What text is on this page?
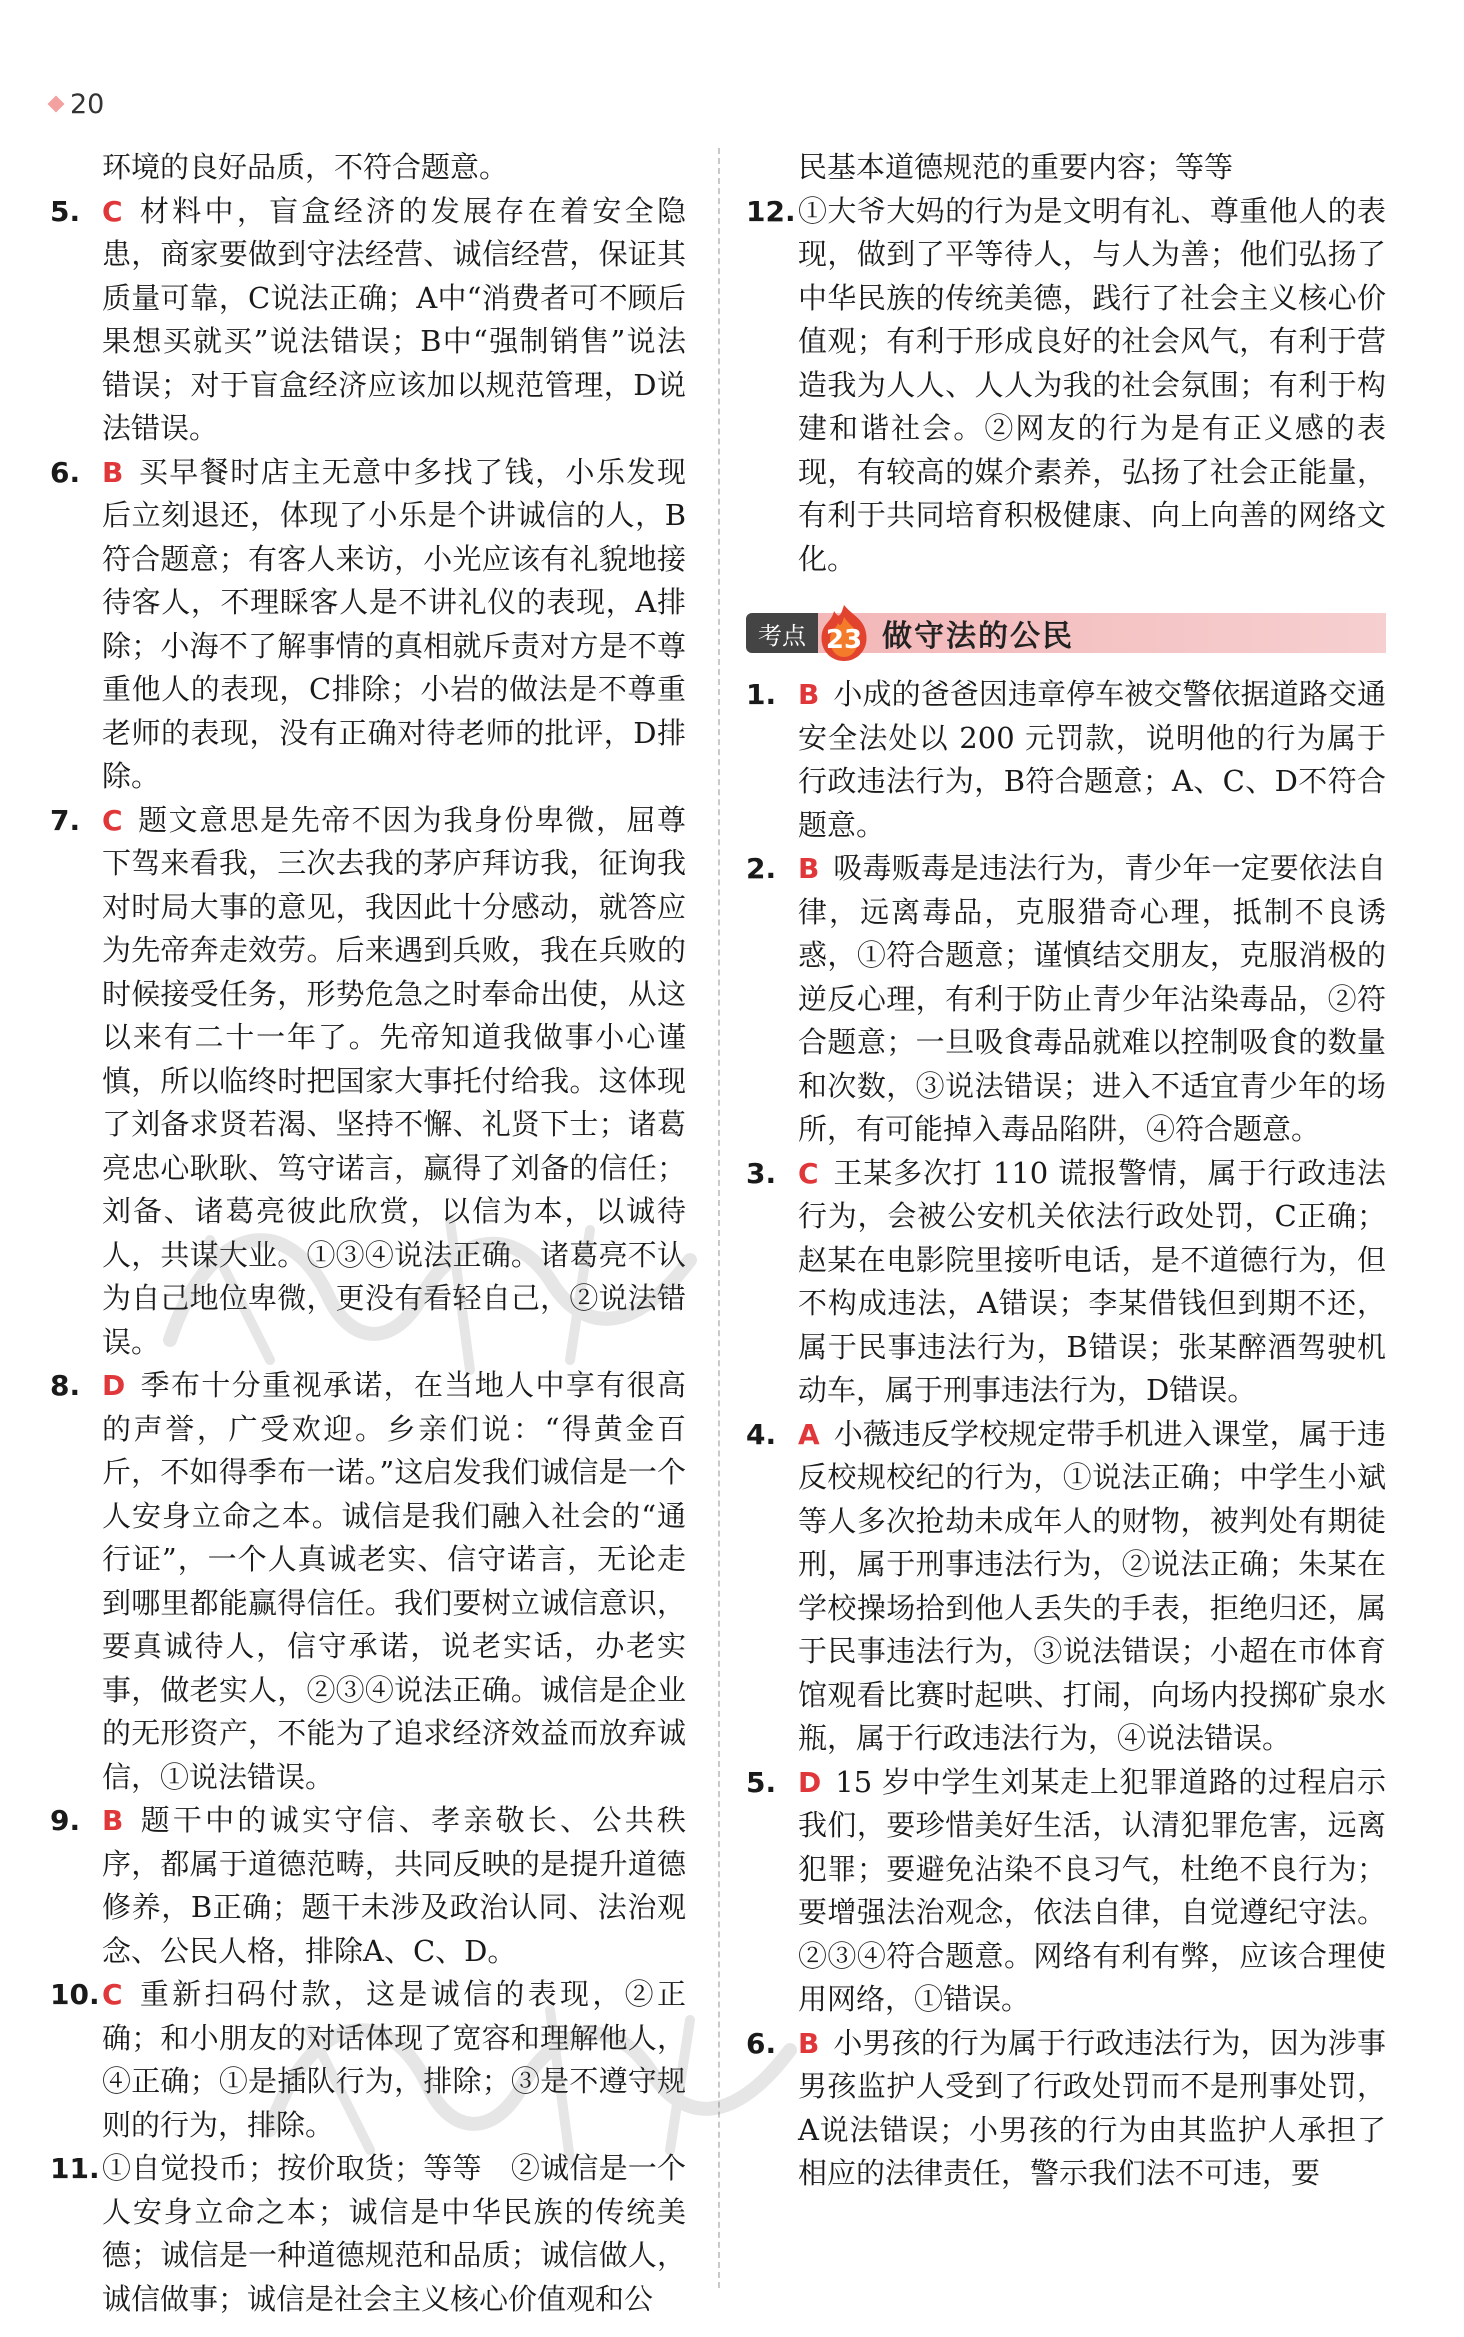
20

环境的良好品质，不符合题意。

5. C 材料中，盲盒经济的发展存在着安全隐患，商家要做到守法经营、诚信经营，保证其质量可靠，C说法正确；A中“消费者可不顾后果想买就买”说法错误；B中“强制销售”说法错误；对于盲盒经济应该加以规范管理，D说法错误。

6. B 买早餐时店主无意中多找了钱，小乐发现后立刻退还，体现了小乐是个讲诚信的人，B符合题意；有客人来访，小光应该有礼貌地接待客人，不理睬客人是不讲礼仪的表现，A排除；小海不了解事情的真相就斥责对方是不尊重他人的表现，C排除；小岩的做法是不尊重老师的表现，没有正确对待老师的批评，D排除。

7. C 题文意思是先帝不因为我身份卑微，屈尊下驾来看我，三次去我的茅庐拜访我，征询我对时局大事的意见，我因此十分感动，就答应为先帝奔走效劳。后来遇到兵败，我在兵败的时候接受任务，形势危急之时奉命出使，从这以来有二十一年了。先帝知道我做事小心谨慎，所以临终时把国家大事托付给我。这体现了刘备求贤若渴、坚持不懈、礼贤下士；诸葛亮忠心耿耿、笃守诺言，赢得了刘备的信任；刘备、诸葛亮彼此欣赏，以信为本，以诚待人，共谋大业。①③④说法正确。诸葛亮不认为自己地位卑微，更没有看轻自己，②说法错误。

8. D 季布十分重视承诺，在当地人中享有很高的声誉，广受欢迎。乡亲们说：“得黄金百斤，不如得季布一诺。”这启发我们诚信是一个人安身立命之本。诚信是我们融入社会的“通行证”，一个人真诚老实、信守诺言，无论走到哪里都能赢得信任。我们要树立诚信意识，要真诚待人，信守承诺，说老实话，办老实事，做老实人，②③④说法正确。诚信是企业的无形资产，不能为了追求经济效益而放弃诚信，①说法错误。

9. B 题干中的诚实守信、孝亲敬长、公共秩序，都属于道德范畴，共同反映的是提升道德修养，B正确；题干未涉及政治认同、法治观念、公民人格，排除A、C、D。

10. C 重新扫码付款，这是诚信的表现，②正确；和小朋友的对话体现了宽容和理解他人，④正确；①是插队行为，排除；③是不遵守规则的行为，排除。

11. ①自觉投币；按价取货；等等　②诚信是一个人安身立命之本；诚信是中华民族的传统美德；诚信是一种道德规范和品质；诚信做人，诚信做事；诚信是社会主义核心价值观和公

民基本道德规范的重要内容；等等

12. ①大爷大妈的行为是文明有礼、尊重他人的表现，做到了平等待人，与人为善；他们弘扬了中华民族的传统美德，践行了社会主义核心价值观；有利于形成良好的社会风气，有利于营造我为人人、人人为我的社会氛围；有利于构建和谐社会。②网友的行为是有正义感的表现，有较高的媒介素养，弘扬了社会正能量，有利于共同培育积极健康、向上向善的网络文化。

考点 23 做守法的公民

1. B 小成的爸爸因违章停车被交警依据道路交通安全法处以 200 元罚款，说明他的行为属于行政违法行为，B符合题意；A、C、D不符合题意。

2. B 吸毒贩毒是违法行为，青少年一定要依法自律，远离毒品，克服猎奇心理，抵制不良诱惑，①符合题意；谨慎结交朋友，克服消极的逆反心理，有利于防止青少年沾染毒品，②符合题意；一旦吸食毒品就难以控制吸食的数量和次数，③说法错误；进入不适宜青少年的场所，有可能掉入毒品陷阱，④符合题意。

3. C 王某多次打 110 谎报警情，属于行政违法行为，会被公安机关依法行政处罚，C正确；赵某在电影院里接听电话，是不道德行为，但不构成违法，A错误；李某借钱但到期不还，属于民事违法行为，B错误；张某醉酒驾驶机动车，属于刑事违法行为，D错误。

4. A 小薇违反学校规定带手机进入课堂，属于违反校规校纪的行为，①说法正确；中学生小斌等人多次抢劫未成年人的财物，被判处有期徒刑，属于刑事违法行为，②说法正确；朱某在学校操场拾到他人丢失的手表，拒绝归还，属于民事违法行为，③说法错误；小超在市体育馆观看比赛时起哄、打闹，向场内投掷矿泉水瓶，属于行政违法行为，④说法错误。

5. D 15 岁中学生刘某走上犯罪道路的过程启示我们，要珍惜美好生活，认清犯罪危害，远离犯罪；要避免沾染不良习气，杜绝不良行为；要增强法治观念，依法自律，自觉遵纪守法。②③④符合题意。网络有利有弊，应该合理使用网络，①错误。

6. B 小男孩的行为属于行政违法行为，因为涉事男孩监护人受到了行政处罚而不是刑事处罚，A说法错误；小男孩的行为由其监护人承担了相应的法律责任，警示我们法不可违，要
